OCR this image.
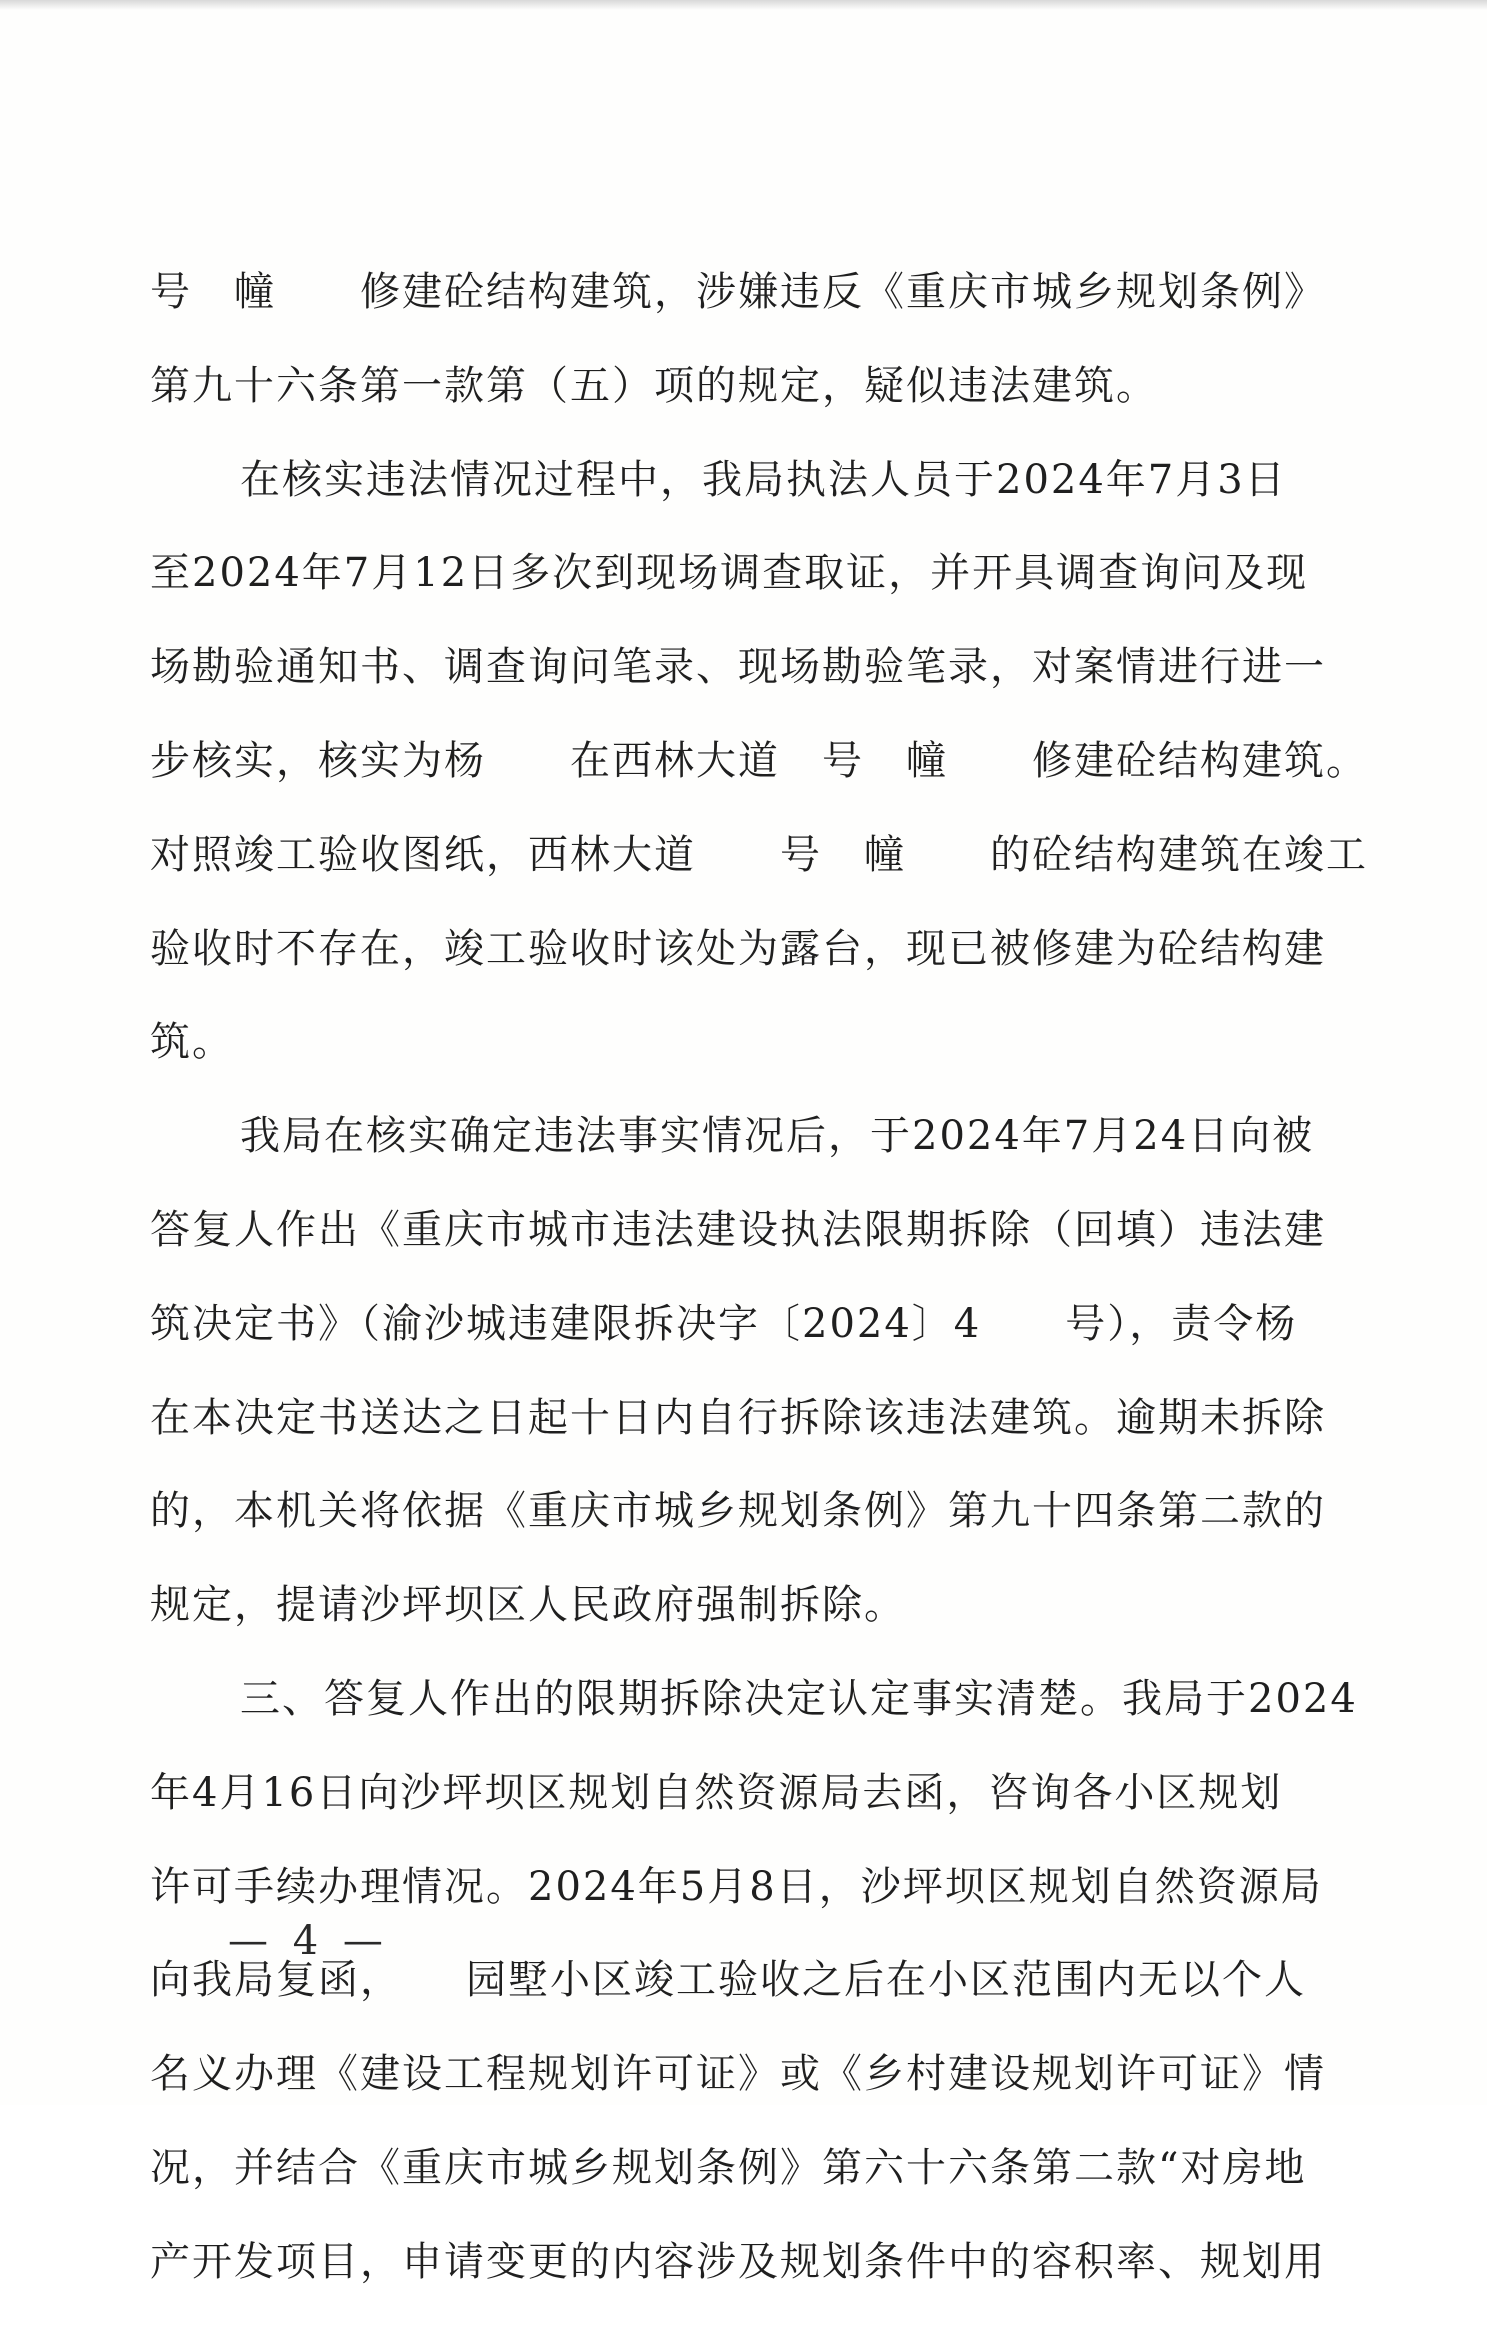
号　幢　　修建砼结构建筑，涉嫌违反《重庆市城乡规划条例》
第九十六条第一款第（五）项的规定，疑似违法建筑。
在核实违法情况过程中，我局执法人员于2024年7月3日
至2024年7月12日多次到现场调查取证，并开具调查询问及现
场勘验通知书、调查询问笔录、现场勘验笔录，对案情进行进一
步核实，核实为杨　　在西林大道　号　幢　　修建砼结构建筑。
对照竣工验收图纸，西林大道　　号　幢　　的砼结构建筑在竣工
验收时不存在，竣工验收时该处为露台，现已被修建为砼结构建
筑。
我局在核实确定违法事实情况后，于2024年7月24日向被
答复人作出《重庆市城市违法建设执法限期拆除（回填）违法建
筑决定书》（渝沙城违建限拆决字〔2024〕4　　号），责令杨
在本决定书送达之日起十日内自行拆除该违法建筑。逾期未拆除
的，本机关将依据《重庆市城乡规划条例》第九十四条第二款的
规定，提请沙坪坝区人民政府强制拆除。
三、答复人作出的限期拆除决定认定事实清楚。我局于2024
年4月16日向沙坪坝区规划自然资源局去函，咨询各小区规划
许可手续办理情况。2024年5月8日，沙坪坝区规划自然资源局
向我局复函，　　园墅小区竣工验收之后在小区范围内无以个人
名义办理《建设工程规划许可证》或《乡村建设规划许可证》情
况，并结合《重庆市城乡规划条例》第六十六条第二款“对房地
产开发项目，申请变更的内容涉及规划条件中的容积率、规划用
— 4 —
